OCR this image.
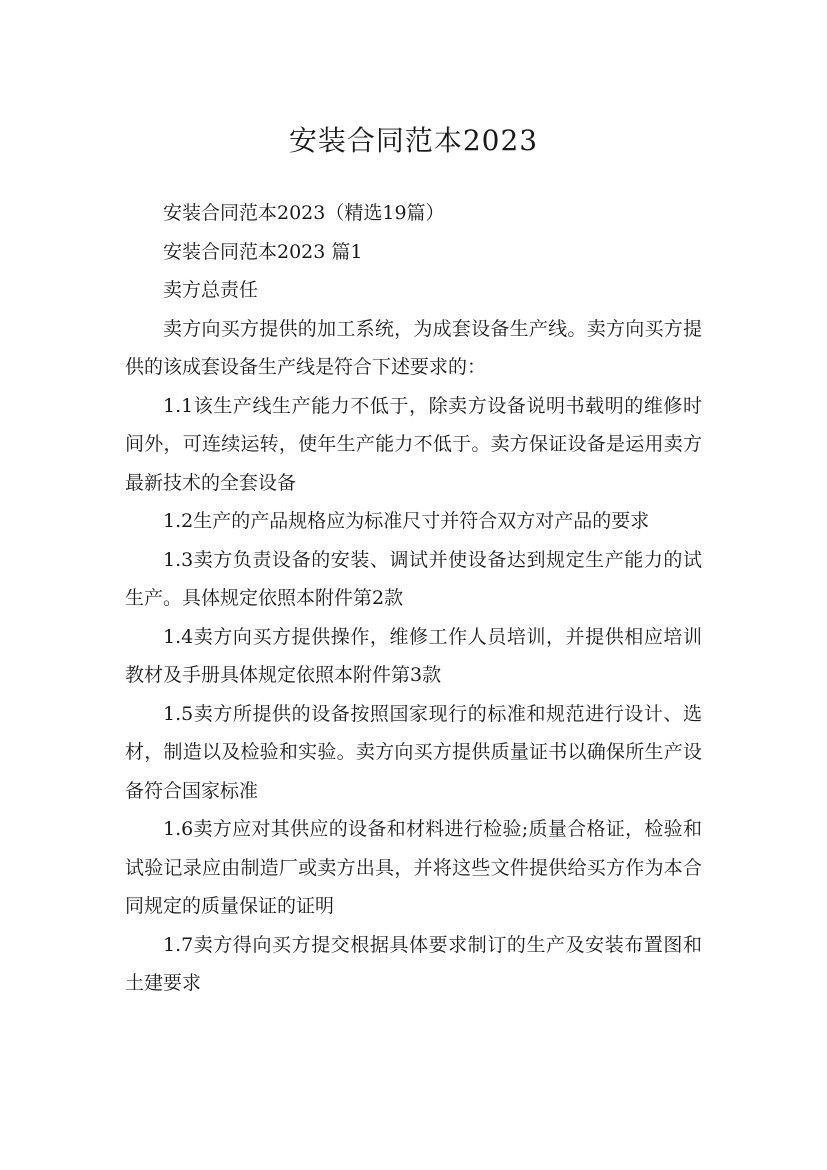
安装合同范本2023

安装合同范本2023（精选19篇）

安装合同范本2023 篇1

卖方总责任

卖方向买方提供的加工系统，为成套设备生产线。卖方向买方提供的该成套设备生产线是符合下述要求的：

1.1该生产线生产能力不低于，除卖方设备说明书载明的维修时间外，可连续运转，使年生产能力不低于。卖方保证设备是运用卖方最新技术的全套设备

1.2生产的产品规格应为标准尺寸并符合双方对产品的要求

1.3卖方负责设备的安装、调试并使设备达到规定生产能力的试生产。具体规定依照本附件第2款

1.4卖方向买方提供操作，维修工作人员培训，并提供相应培训教材及手册具体规定依照本附件第3款

1.5卖方所提供的设备按照国家现行的标准和规范进行设计、选材，制造以及检验和实验。卖方向买方提供质量证书以确保所生产设备符合国家标准

1.6卖方应对其供应的设备和材料进行检验;质量合格证，检验和试验记录应由制造厂或卖方出具，并将这些文件提供给买方作为本合同规定的质量保证的证明

1.7卖方得向买方提交根据具体要求制订的生产及安装布置图和土建要求
